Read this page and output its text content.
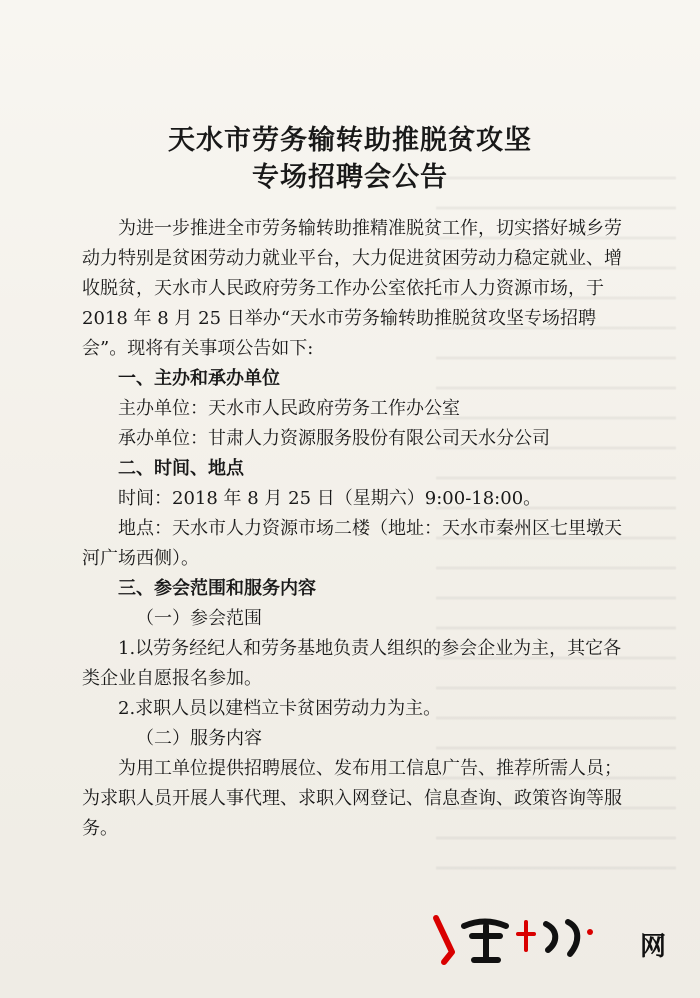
天水市劳务输转助推脱贫攻坚
专场招聘会公告

为进一步推进全市劳务输转助推精准脱贫工作，切实搭好城乡劳动力特别是贫困劳动力就业平台，大力促进贫困劳动力稳定就业、增收脱贫，天水市人民政府劳务工作办公室依托市人力资源市场，于 2018 年 8 月 25 日举办“天水市劳务输转助推脱贫攻坚专场招聘会”。现将有关事项公告如下:

一、主办和承办单位

主办单位：天水市人民政府劳务工作办公室

承办单位：甘肃人力资源服务股份有限公司天水分公司

二、时间、地点

时间：2018 年 8 月 25 日（星期六）9:00-18:00。

地点：天水市人力资源市场二楼（地址：天水市秦州区七里墩天河广场西侧）。

三、参会范围和服务内容

（一）参会范围

1.以劳务经纪人和劳务基地负责人组织的参会企业为主，其它各类企业自愿报名参加。

2.求职人员以建档立卡贫困劳动力为主。

（二）服务内容

为用工单位提供招聘展位、发布用工信息广告、推荐所需人员；为求职人员开展人事代理、求职入网登记、信息查询、政策咨询等服务。

网
